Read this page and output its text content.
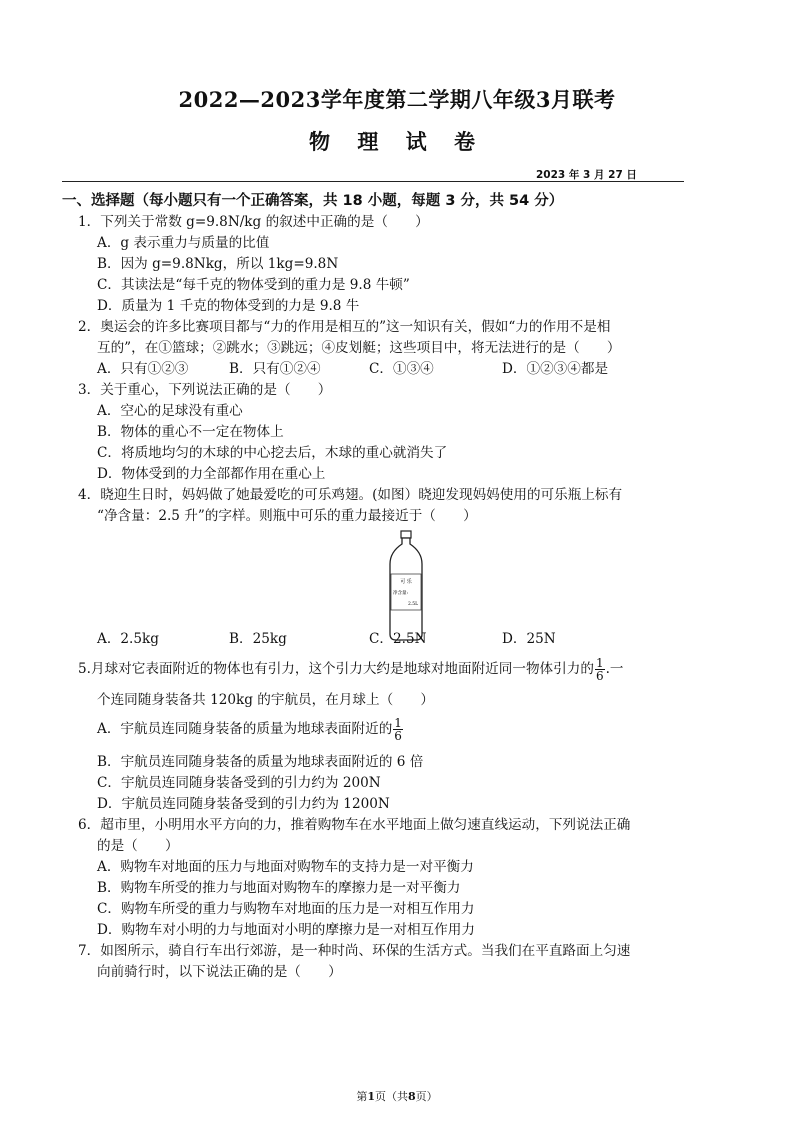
2022—2023学年度第二学期八年级3月联考
物 理 试 卷
2023 年 3 月 27 日
一、选择题（每小题只有一个正确答案，共 18 小题，每题 3 分，共 54 分）
1．下列关于常数 g=9.8N/kg 的叙述中正确的是（　　）
A．g 表示重力与质量的比值
B．因为 g=9.8Nkg，所以 1kg=9.8N
C．其读法是“每千克的物体受到的重力是 9.8 牛顿”
D．质量为 1 千克的物体受到的力是 9.8 牛
2．奥运会的许多比赛项目都与“力的作用是相互的”这一知识有关，假如“力的作用不是相
互的”，在①篮球；②跳水；③跳远；④皮划艇；这些项目中，将无法进行的是（　　）
A．只有①②③	B．只有①②④	C．①③④	D．①②③④都是
3．关于重心，下列说法正确的是（　　）
A．空心的足球没有重心
B．物体的重心不一定在物体上
C．将质地均匀的木球的中心挖去后，木球的重心就消失了
D．物体受到的力全部都作用在重心上
4．晓迎生日时，妈妈做了她最爱吃的可乐鸡翅。(如图）晓迎发现妈妈使用的可乐瓶上标有
“净含量：2.5 升”的字样。则瓶中可乐的重力最接近于（　　）
可 乐
净含量:
2.5L
A．2.5kg	B．25kg	C．2.5N	D．25N
5.月球对它表面附近的物体也有引力，这个引力大约是地球对地面附近同一物体引力的 $\frac{1}{6}$ .一
个连同随身装备共 120kg 的宇航员，在月球上（　　）
A．宇航员连同随身装备的质量为地球表面附近的 $\frac{1}{6}$
B．宇航员连同随身装备的质量为地球表面附近的 6 倍
C．宇航员连同随身装备受到的引力约为 200N
D．宇航员连同随身装备受到的引力约为 1200N
6．超市里，小明用水平方向的力，推着购物车在水平地面上做匀速直线运动，下列说法正确
的是（　　）
A．购物车对地面的压力与地面对购物车的支持力是一对平衡力
B．购物车所受的推力与地面对购物车的摩擦力是一对平衡力
C．购物车所受的重力与购物车对地面的压力是一对相互作用力
D．购物车对小明的力与地面对小明的摩擦力是一对相互作用力
7．如图所示，骑自行车出行郊游，是一种时尚、环保的生活方式。当我们在平直路面上匀速
向前骑行时，以下说法正确的是（　　）
第1页（共8页）
